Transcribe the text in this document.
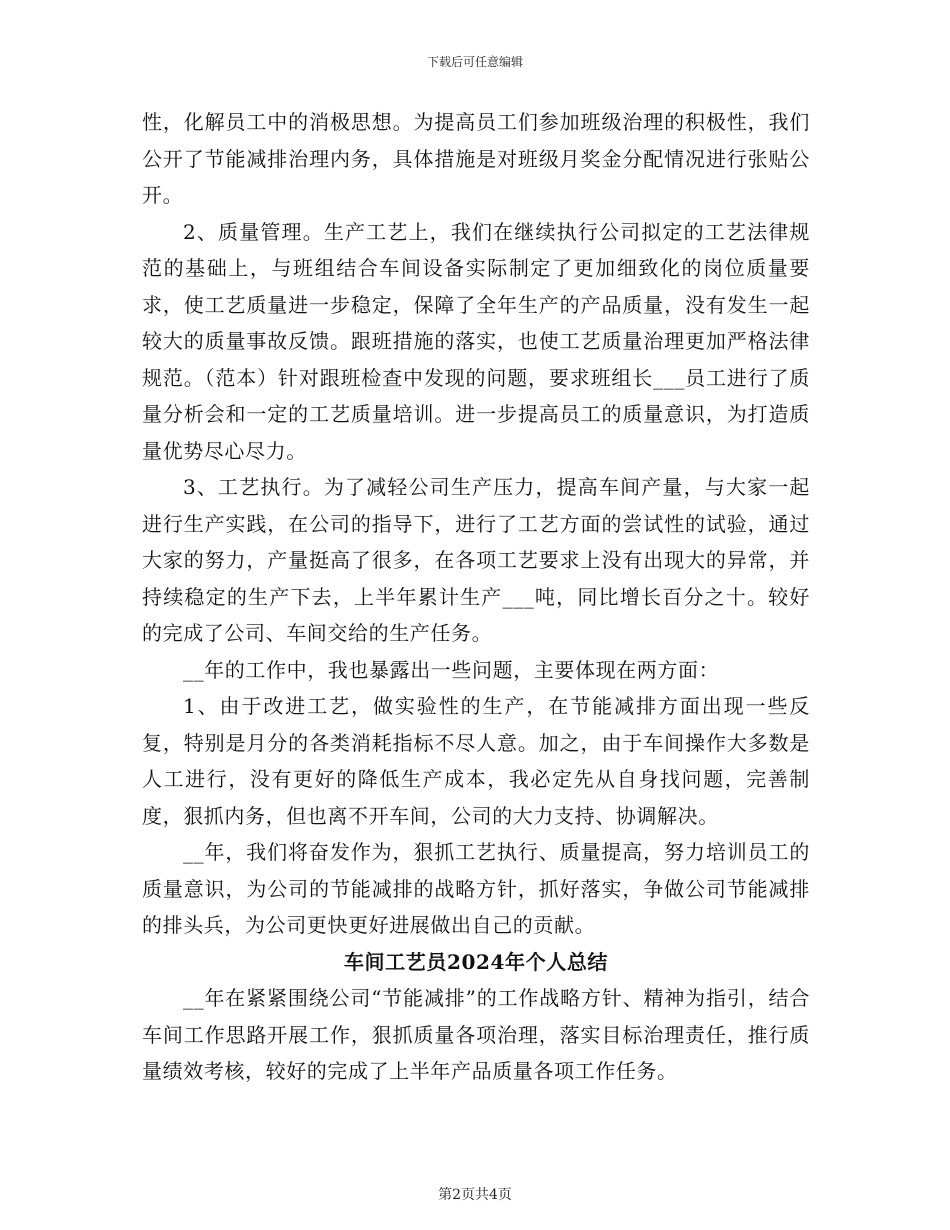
下载后可任意编辑

性，化解员工中的消极思想。为提高员工们参加班级治理的积极性，我们公开了节能减排治理内务，具体措施是对班级月奖金分配情况进行张贴公开。

2、质量管理。生产工艺上，我们在继续执行公司拟定的工艺法律规范的基础上，与班组结合车间设备实际制定了更加细致化的岗位质量要求，使工艺质量进一步稳定，保障了全年生产的产品质量，没有发生一起较大的质量事故反馈。跟班措施的落实，也使工艺质量治理更加严格法律规范。（范本）针对跟班检查中发现的问题，要求班组长___员工进行了质量分析会和一定的工艺质量培训。进一步提高员工的质量意识，为打造质量优势尽心尽力。

3、工艺执行。为了减轻公司生产压力，提高车间产量，与大家一起进行生产实践，在公司的指导下，进行了工艺方面的尝试性的试验，通过大家的努力，产量挺高了很多，在各项工艺要求上没有出现大的异常，并持续稳定的生产下去，上半年累计生产___吨，同比增长百分之十。较好的完成了公司、车间交给的生产任务。

__年的工作中，我也暴露出一些问题，主要体现在两方面：

1、由于改进工艺，做实验性的生产，在节能减排方面出现一些反复，特别是月分的各类消耗指标不尽人意。加之，由于车间操作大多数是人工进行，没有更好的降低生产成本，我必定先从自身找问题，完善制度，狠抓内务，但也离不开车间，公司的大力支持、协调解决。

__年，我们将奋发作为，狠抓工艺执行、质量提高，努力培训员工的质量意识，为公司的节能减排的战略方针，抓好落实，争做公司节能减排的排头兵，为公司更快更好进展做出自己的贡献。

车间工艺员2024年个人总结

__年在紧紧围绕公司“节能减排”的工作战略方针、精神为指引，结合车间工作思路开展工作，狠抓质量各项治理，落实目标治理责任，推行质量绩效考核，较好的完成了上半年产品质量各项工作任务。

第2页共4页
